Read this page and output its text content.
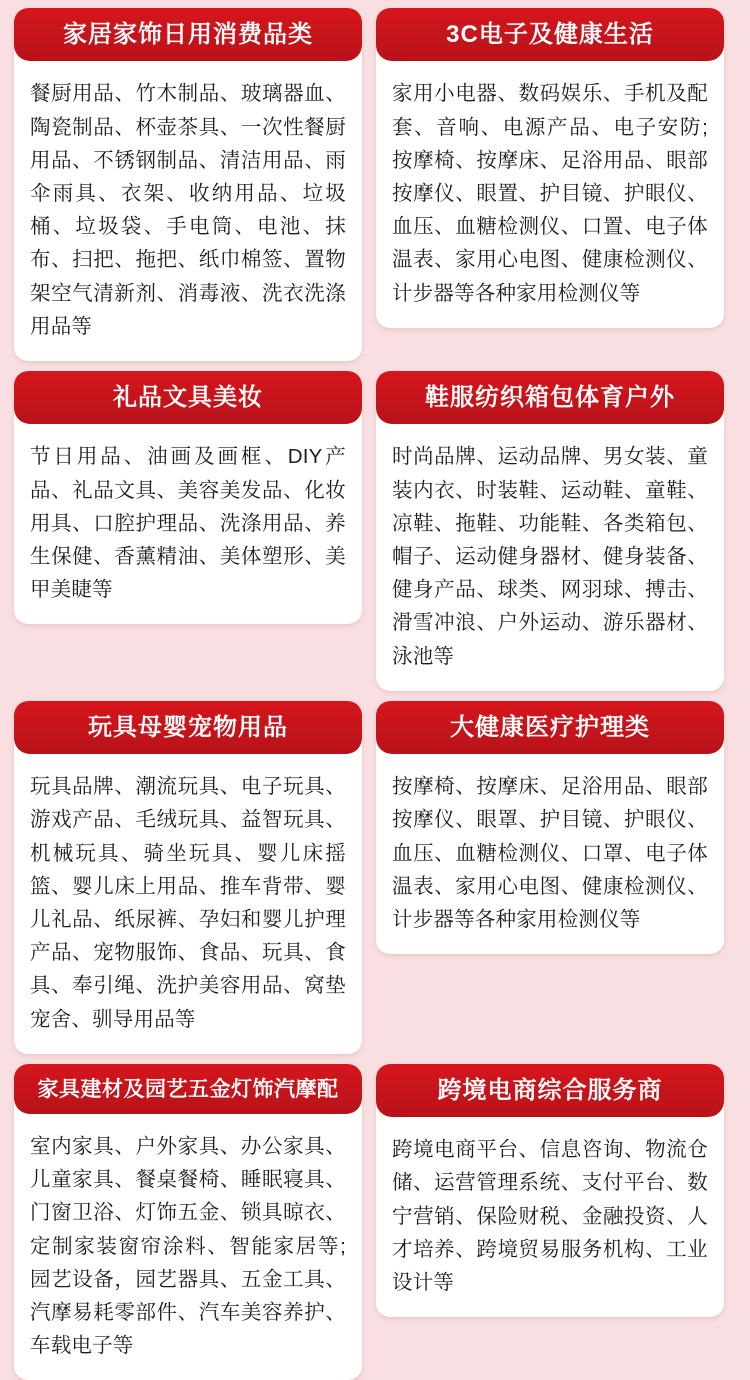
家居家饰日用消费品类
餐厨用品、竹木制品、玻璃器血、陶瓷制品、杯壶茶具、一次性餐厨用品、不锈钢制品、清洁用品、雨伞雨具、衣架、收纳用品、垃圾桶、垃圾袋、手电筒、电池、抹布、扫把、拖把、纸巾棉签、置物架空气清新剂、消毒液、洗衣洗涤用品等
3C电子及健康生活
家用小电器、数码娱乐、手机及配套、音响、电源产品、电子安防;按摩椅、按摩床、足浴用品、眼部按摩仪、眼置、护目镜、护眼仪、血压、血糖检测仪、口置、电子体温表、家用心电图、健康检测仪、计步器等各种家用检测仪等
礼品文具美妆
节日用品、油画及画框、DIY产品、礼品文具、美容美发品、化妆用具、口腔护理品、洗涤用品、养生保健、香薰精油、美体塑形、美甲美睫等
鞋服纺织箱包体育户外
时尚品牌、运动品牌、男女装、童装内衣、时装鞋、运动鞋、童鞋、凉鞋、拖鞋、功能鞋、各类箱包、帽子、运动健身器材、健身装备、健身产品、球类、网羽球、搏击、滑雪冲浪、户外运动、游乐器材、泳池等
玩具母婴宠物用品
玩具品牌、潮流玩具、电子玩具、游戏产品、毛绒玩具、益智玩具、机械玩具、骑坐玩具、婴儿床摇篮、婴儿床上用品、推车背带、婴儿礼品、纸尿裤、孕妇和婴儿护理产品、宠物服饰、食品、玩具、食具、奉引绳、洗护美容用品、窝垫宠舍、驯导用品等
大健康医疗护理类
按摩椅、按摩床、足浴用品、眼部按摩仪、眼罩、护目镜、护眼仪、血压、血糖检测仪、口罩、电子体温表、家用心电图、健康检测仪、计步器等各种家用检测仪等
家具建材及园艺五金灯饰汽摩配
室内家具、户外家具、办公家具、儿童家具、餐桌餐椅、睡眠寝具、门窗卫浴、灯饰五金、锁具晾衣、定制家装窗帘涂料、智能家居等;园艺设备，园艺器具、五金工具、汽摩易耗零部件、汽车美容养护、车载电子等
跨境电商综合服务商
跨境电商平台、信息咨询、物流仓储、运营管理系统、支付平台、数宁营销、保险财税、金融投资、人才培养、跨境贸易服务机构、工业设计等
